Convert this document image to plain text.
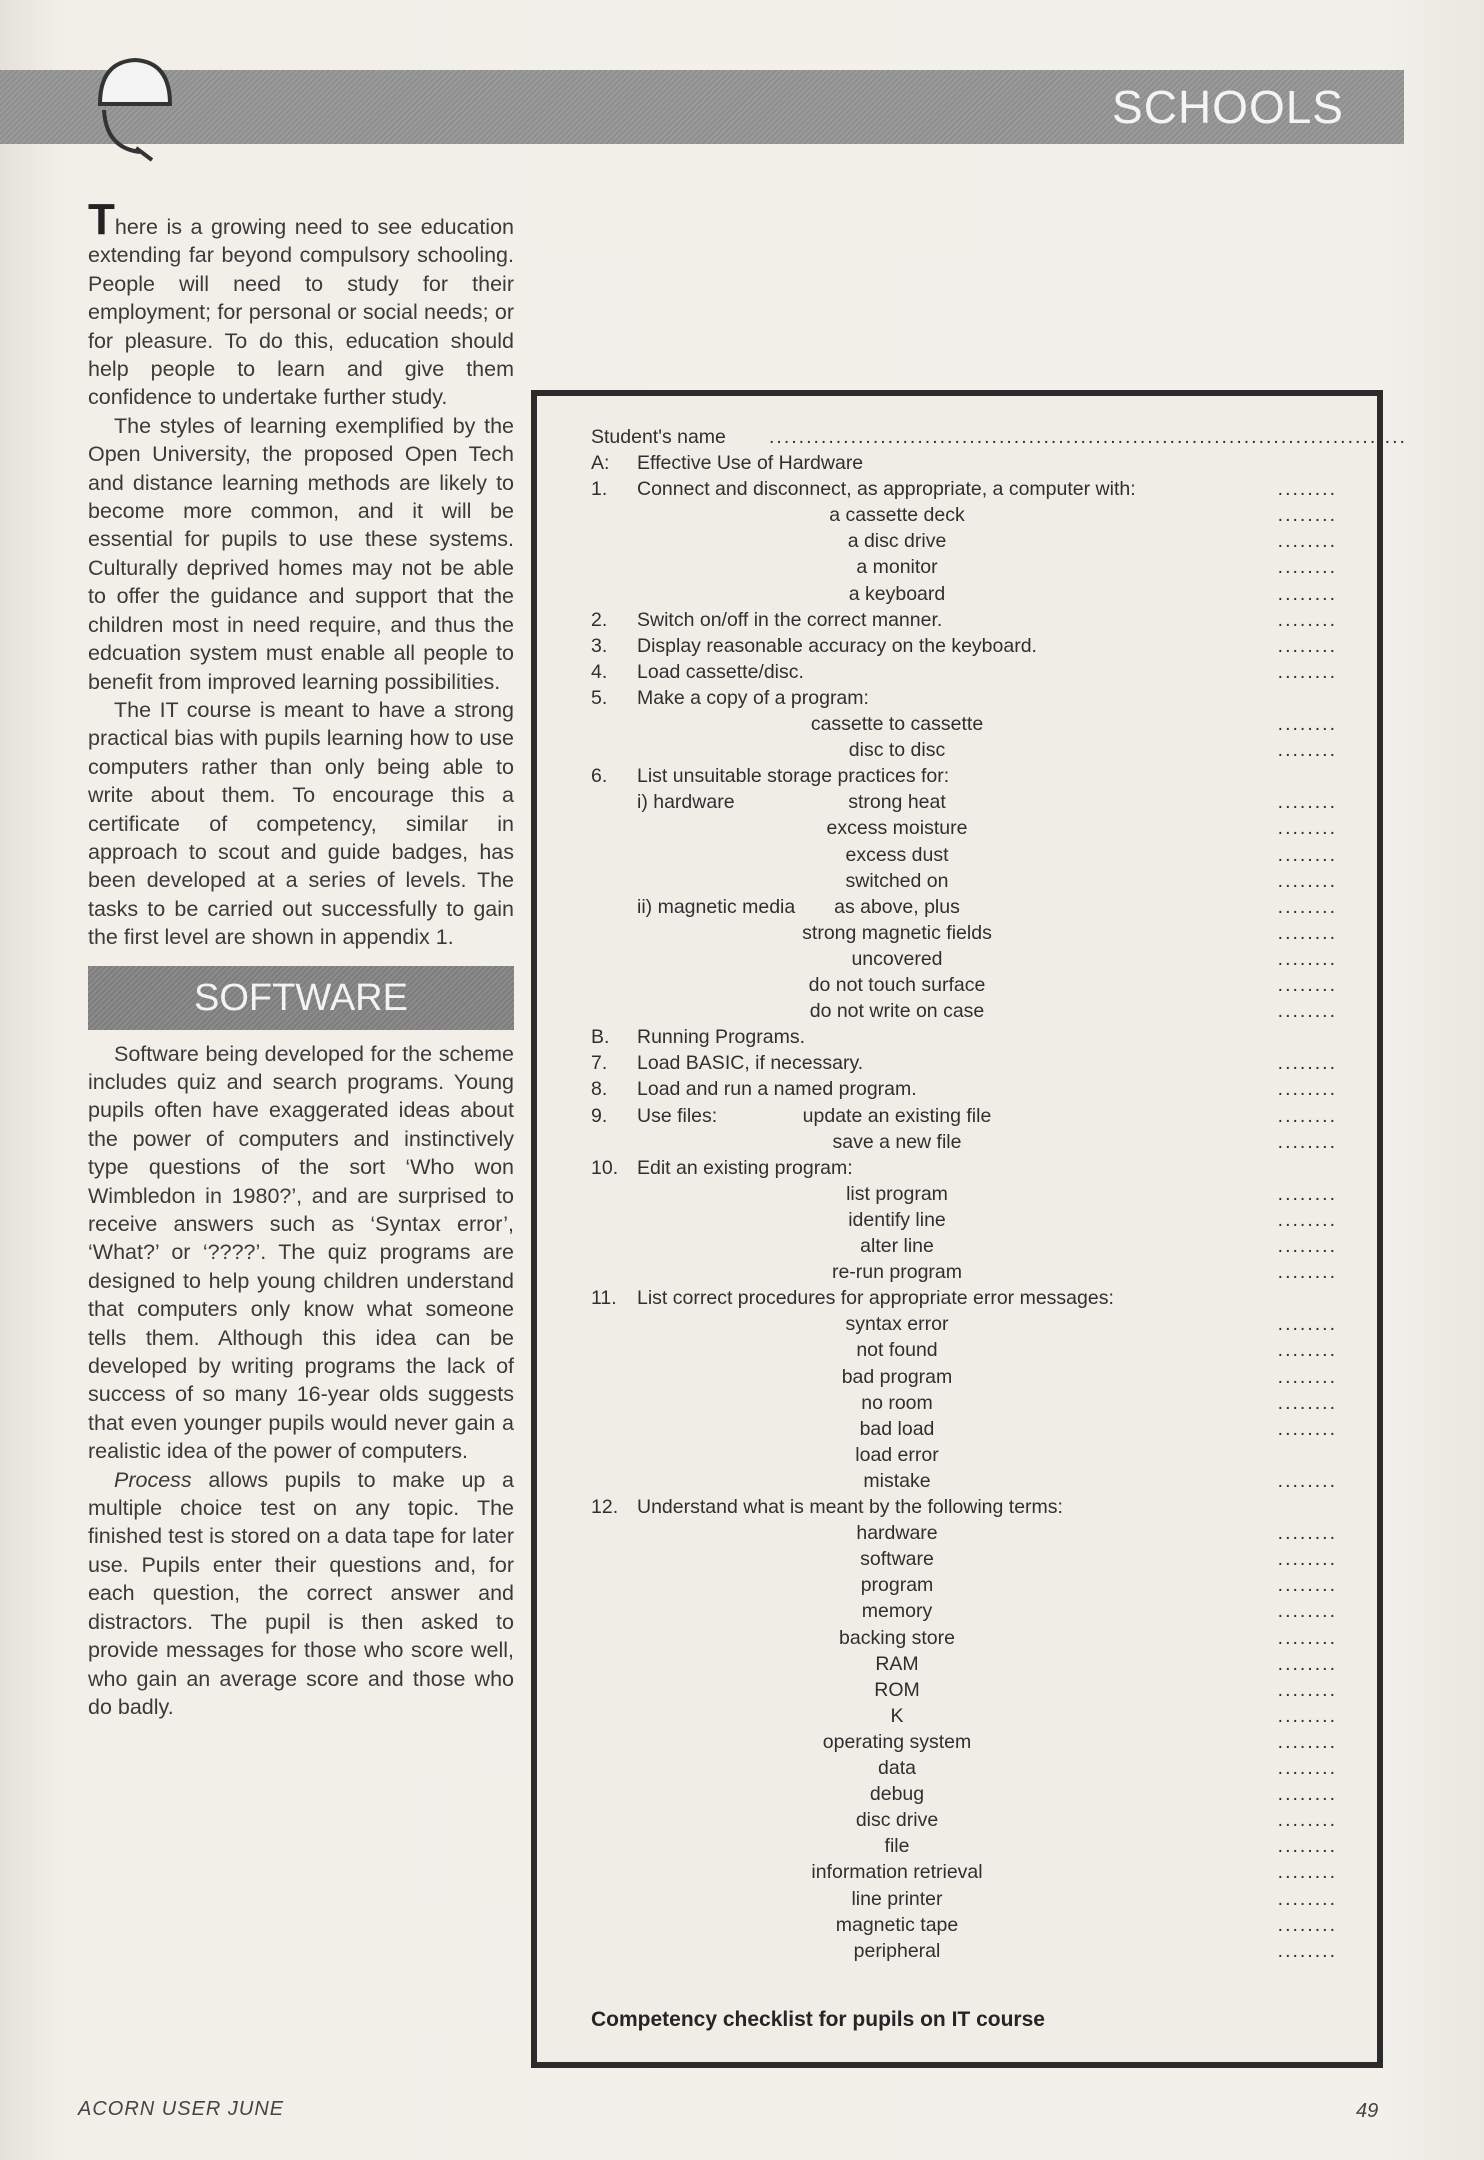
SCHOOLS

There is a growing need to see education extending far beyond compulsory schooling. People will need to study for their employment; for personal or social needs; or for pleasure. To do this, education should help people to learn and give them confidence to undertake further study.

The styles of learning exemplified by the Open University, the proposed Open Tech and distance learning methods are likely to become more common, and it will be essential for pupils to use these systems. Culturally deprived homes may not be able to offer the guidance and support that the children most in need require, and thus the edcuation system must enable all people to benefit from improved learning possibilities.

The IT course is meant to have a strong practical bias with pupils learning how to use computers rather than only being able to write about them. To encourage this a certificate of competency, similar in approach to scout and guide badges, has been developed at a series of levels. The tasks to be carried out successfully to gain the first level are shown in appendix 1.

SOFTWARE

Software being developed for the scheme includes quiz and search programs. Young pupils often have exaggerated ideas about the power of computers and instinctively type questions of the sort ‘Who won Wimbledon in 1980?’, and are surprised to receive answers such as ‘Syntax error’, ‘What?’ or ‘????’. The quiz programs are designed to help young children understand that computers only know what someone tells them. Although this idea can be developed by writing programs the lack of success of so many 16-year olds suggests that even younger pupils would never gain a realistic idea of the power of computers.

Process allows pupils to make up a multiple choice test on any topic. The finished test is stored on a data tape for later use. Pupils enter their questions and, for each question, the correct answer and distractors. The pupil is then asked to provide messages for those who score well, who gain an average score and those who do badly.

Student's name ......................................................................................
A: Effective Use of Hardware
1. Connect and disconnect, as appropriate, a computer with:	........
a cassette deck	........
a disc drive	........
a monitor	........
a keyboard	........
2. Switch on/off in the correct manner.	........
3. Display reasonable accuracy on the keyboard.	........
4. Load cassette/disc.	........
5. Make a copy of a program:
cassette to cassette	........
disc to disc	........
6. List unsuitable storage practices for:
i) hardware	strong heat	........
excess moisture	........
excess dust	........
switched on	........
ii) magnetic media	as above, plus	........
strong magnetic fields	........
uncovered	........
do not touch surface	........
do not write on case	........
B. Running Programs.
7. Load BASIC, if necessary.	........
8. Load and run a named program.	........
9. Use files:	update an existing file	........
save a new file	........
10. Edit an existing program:
list program	........
identify line	........
alter line	........
re-run program	........
11. List correct procedures for appropriate error messages:
syntax error	........
not found	........
bad program	........
no room	........
bad load	........
load error
mistake	........
12. Understand what is meant by the following terms:
hardware	........
software	........
program	........
memory	........
backing store	........
RAM	........
ROM	........
K	........
operating system	........
data	........
debug	........
disc drive	........
file	........
information retrieval	........
line printer	........
magnetic tape	........
peripheral	........
Competency checklist for pupils on IT course
ACORN USER JUNE	49
